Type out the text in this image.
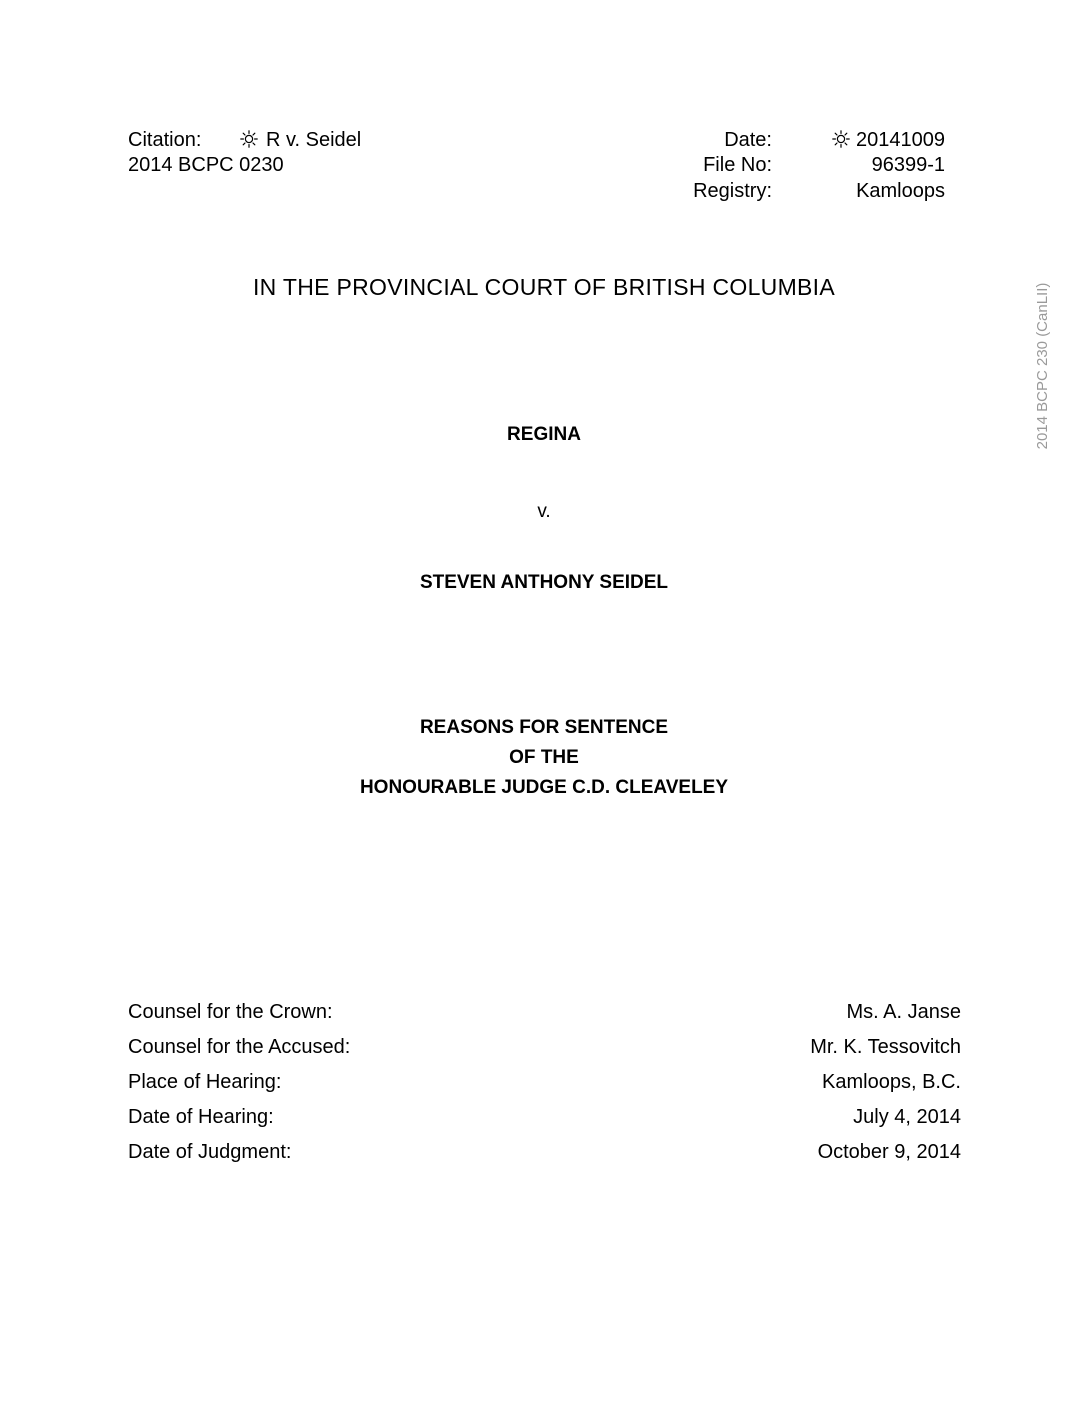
Citation:	R v. Seidel
2014 BCPC 0230
Date:	20141009
File No:	96399-1
Registry:	Kamloops
IN THE PROVINCIAL COURT OF BRITISH COLUMBIA
REGINA
v.
STEVEN ANTHONY SEIDEL
REASONS FOR SENTENCE
OF THE
HONOURABLE JUDGE C.D. CLEAVELEY
Counsel for the Crown:	Ms. A. Janse
Counsel for the Accused:	Mr. K. Tessovitch
Place of Hearing:	Kamloops, B.C.
Date of Hearing:	July 4, 2014
Date of Judgment:	October 9, 2014
2014 BCPC 230 (CanLII)
